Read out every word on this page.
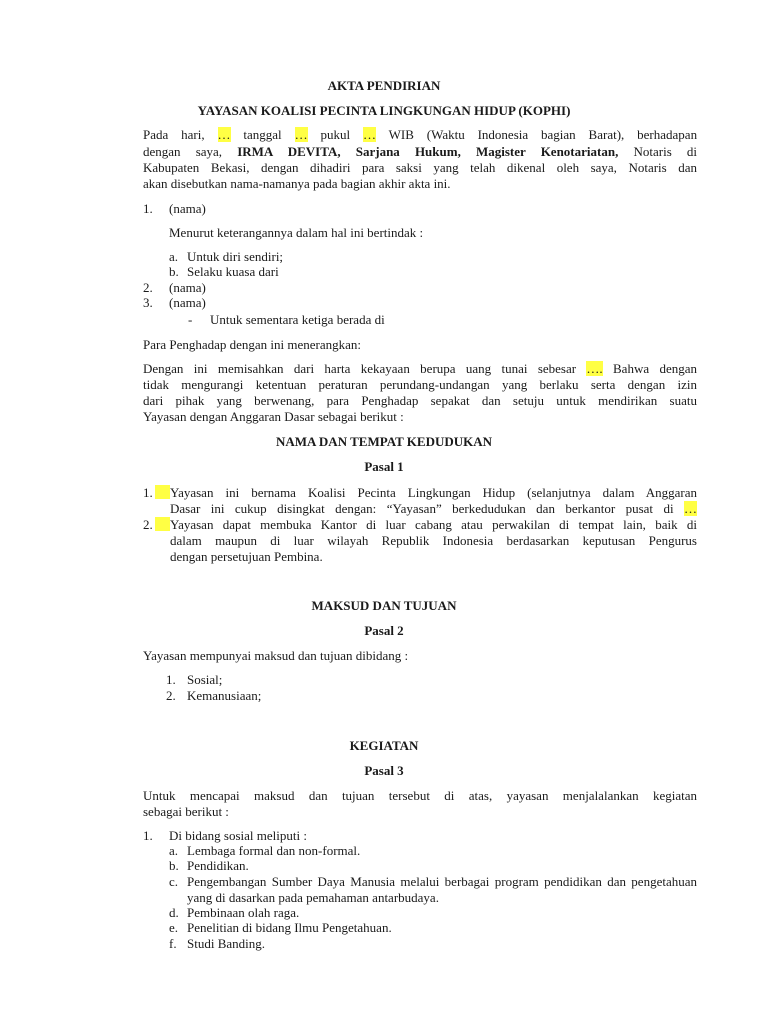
AKTA PENDIRIAN
YAYASAN KOALISI PECINTA LINGKUNGAN HIDUP (KOPHI)
Pada hari, … tanggal … pukul … WIB (Waktu Indonesia bagian Barat), berhadapan
dengan saya, IRMA DEVITA, Sarjana Hukum, Magister Kenotariatan, Notaris di
Kabupaten Bekasi, dengan dihadiri para saksi yang telah dikenal oleh saya, Notaris dan
akan disebutkan nama-namanya pada bagian akhir akta ini.
1. (nama)
Menurut keterangannya dalam hal ini bertindak :
a. Untuk diri sendiri;
b. Selaku kuasa dari
2. (nama)
3. (nama)
- Untuk sementara ketiga berada di
Para Penghadap dengan ini menerangkan:
Dengan ini memisahkan dari harta kekayaan berupa uang tunai sebesar …. Bahwa dengan
tidak mengurangi ketentuan peraturan perundang-undangan yang berlaku serta dengan izin
dari pihak yang berwenang, para Penghadap sepakat dan setuju untuk mendirikan suatu
Yayasan dengan Anggaran Dasar sebagai berikut :
NAMA DAN TEMPAT KEDUDUKAN
Pasal 1
1.	Yayasan ini bernama Koalisi Pecinta Lingkungan Hidup (selanjutnya dalam Anggaran
Dasar ini cukup disingkat dengan: “Yayasan” berkedudukan dan berkantor pusat di …
2.	Yayasan dapat membuka Kantor di luar cabang atau perwakilan di tempat lain, baik di
dalam maupun di luar wilayah Republik Indonesia berdasarkan keputusan Pengurus
dengan persetujuan Pembina.
MAKSUD DAN TUJUAN
Pasal 2
Yayasan mempunyai maksud dan tujuan dibidang :
1. Sosial;
2. Kemanusiaan;
KEGIATAN
Pasal 3
Untuk mencapai maksud dan tujuan tersebut di atas, yayasan menjalalankan kegiatan
sebagai berikut :
1. Di bidang sosial meliputi :
a. Lembaga formal dan non-formal.
b. Pendidikan.
c. Pengembangan Sumber Daya Manusia melalui berbagai program pendidikan dan pengetahuan yang di dasarkan pada pemahaman antarbudaya.
d. Pembinaan olah raga.
e. Penelitian di bidang Ilmu Pengetahuan.
f. Studi Banding.
